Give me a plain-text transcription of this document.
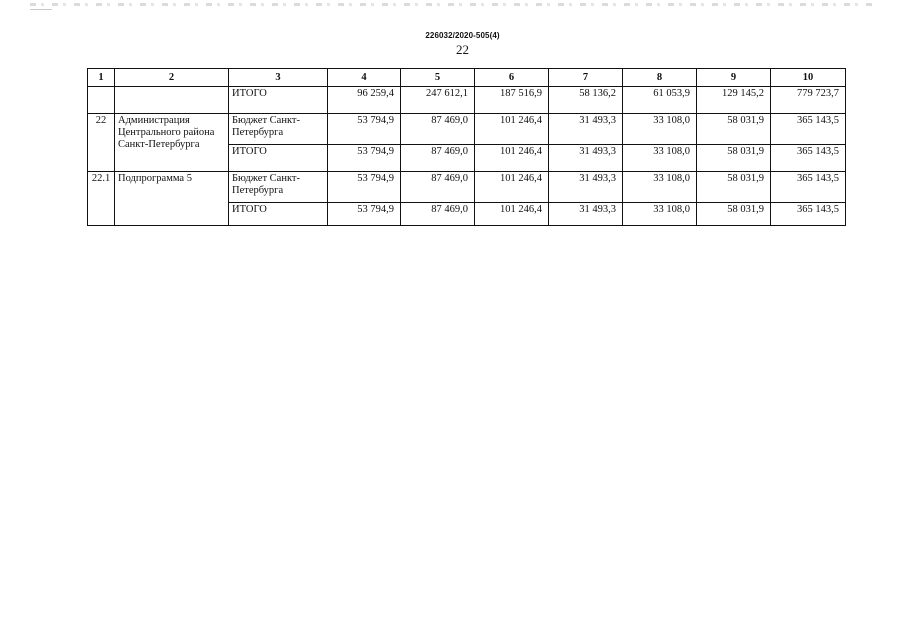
226032/2020-505(4)
22
1	2	3	4	5	6	7	8	9	10
		ИТОГО	96 259,4	247 612,1	187 516,9	58 136,2	61 053,9	129 145,2	779 723,7
22	Администрация Центрального района Санкт-Петербурга	Бюджет Санкт-Петербурга	53 794,9	87 469,0	101 246,4	31 493,3	33 108,0	58 031,9	365 143,5
		ИТОГО	53 794,9	87 469,0	101 246,4	31 493,3	33 108,0	58 031,9	365 143,5
22.1	Подпрограмма 5	Бюджет Санкт-Петербурга	53 794,9	87 469,0	101 246,4	31 493,3	33 108,0	58 031,9	365 143,5
		ИТОГО	53 794,9	87 469,0	101 246,4	31 493,3	33 108,0	58 031,9	365 143,5
